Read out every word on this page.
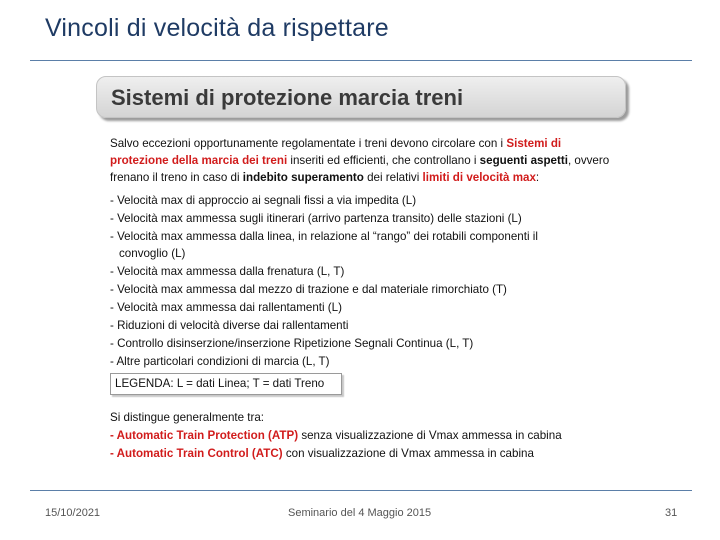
Vincoli di velocità da rispettare
Sistemi di protezione marcia treni

Salvo eccezioni opportunamente regolamentate i treni devono circolare con i Sistemi di protezione della marcia dei treni inseriti ed efficienti, che controllano i seguenti aspetti, ovvero frenano il treno in caso di indebito superamento dei relativi limiti di velocità max:

- Velocità max di approccio ai segnali fissi a via impedita (L)
- Velocità max ammessa sugli itinerari (arrivo partenza transito) delle stazioni (L)
- Velocità max ammessa dalla linea, in relazione al “rango” dei rotabili componenti il
convoglio (L)
- Velocità max ammessa dalla frenatura (L, T)
- Velocità max ammessa dal mezzo di trazione e dal materiale rimorchiato (T)
- Velocità max ammessa dai rallentamenti (L)
- Riduzioni di velocità diverse dai rallentamenti
- Controllo disinserzione/inserzione Ripetizione Segnali Continua (L, T)
- Altre particolari condizioni di marcia (L, T)
LEGENDA: L = dati Linea; T = dati Treno
Si distingue generalmente tra:
- Automatic Train Protection (ATP) senza visualizzazione di Vmax ammessa in cabina
- Automatic Train Control (ATC) con visualizzazione di Vmax ammessa in cabina
15/10/2021	Seminario del 4 Maggio 2015	31
